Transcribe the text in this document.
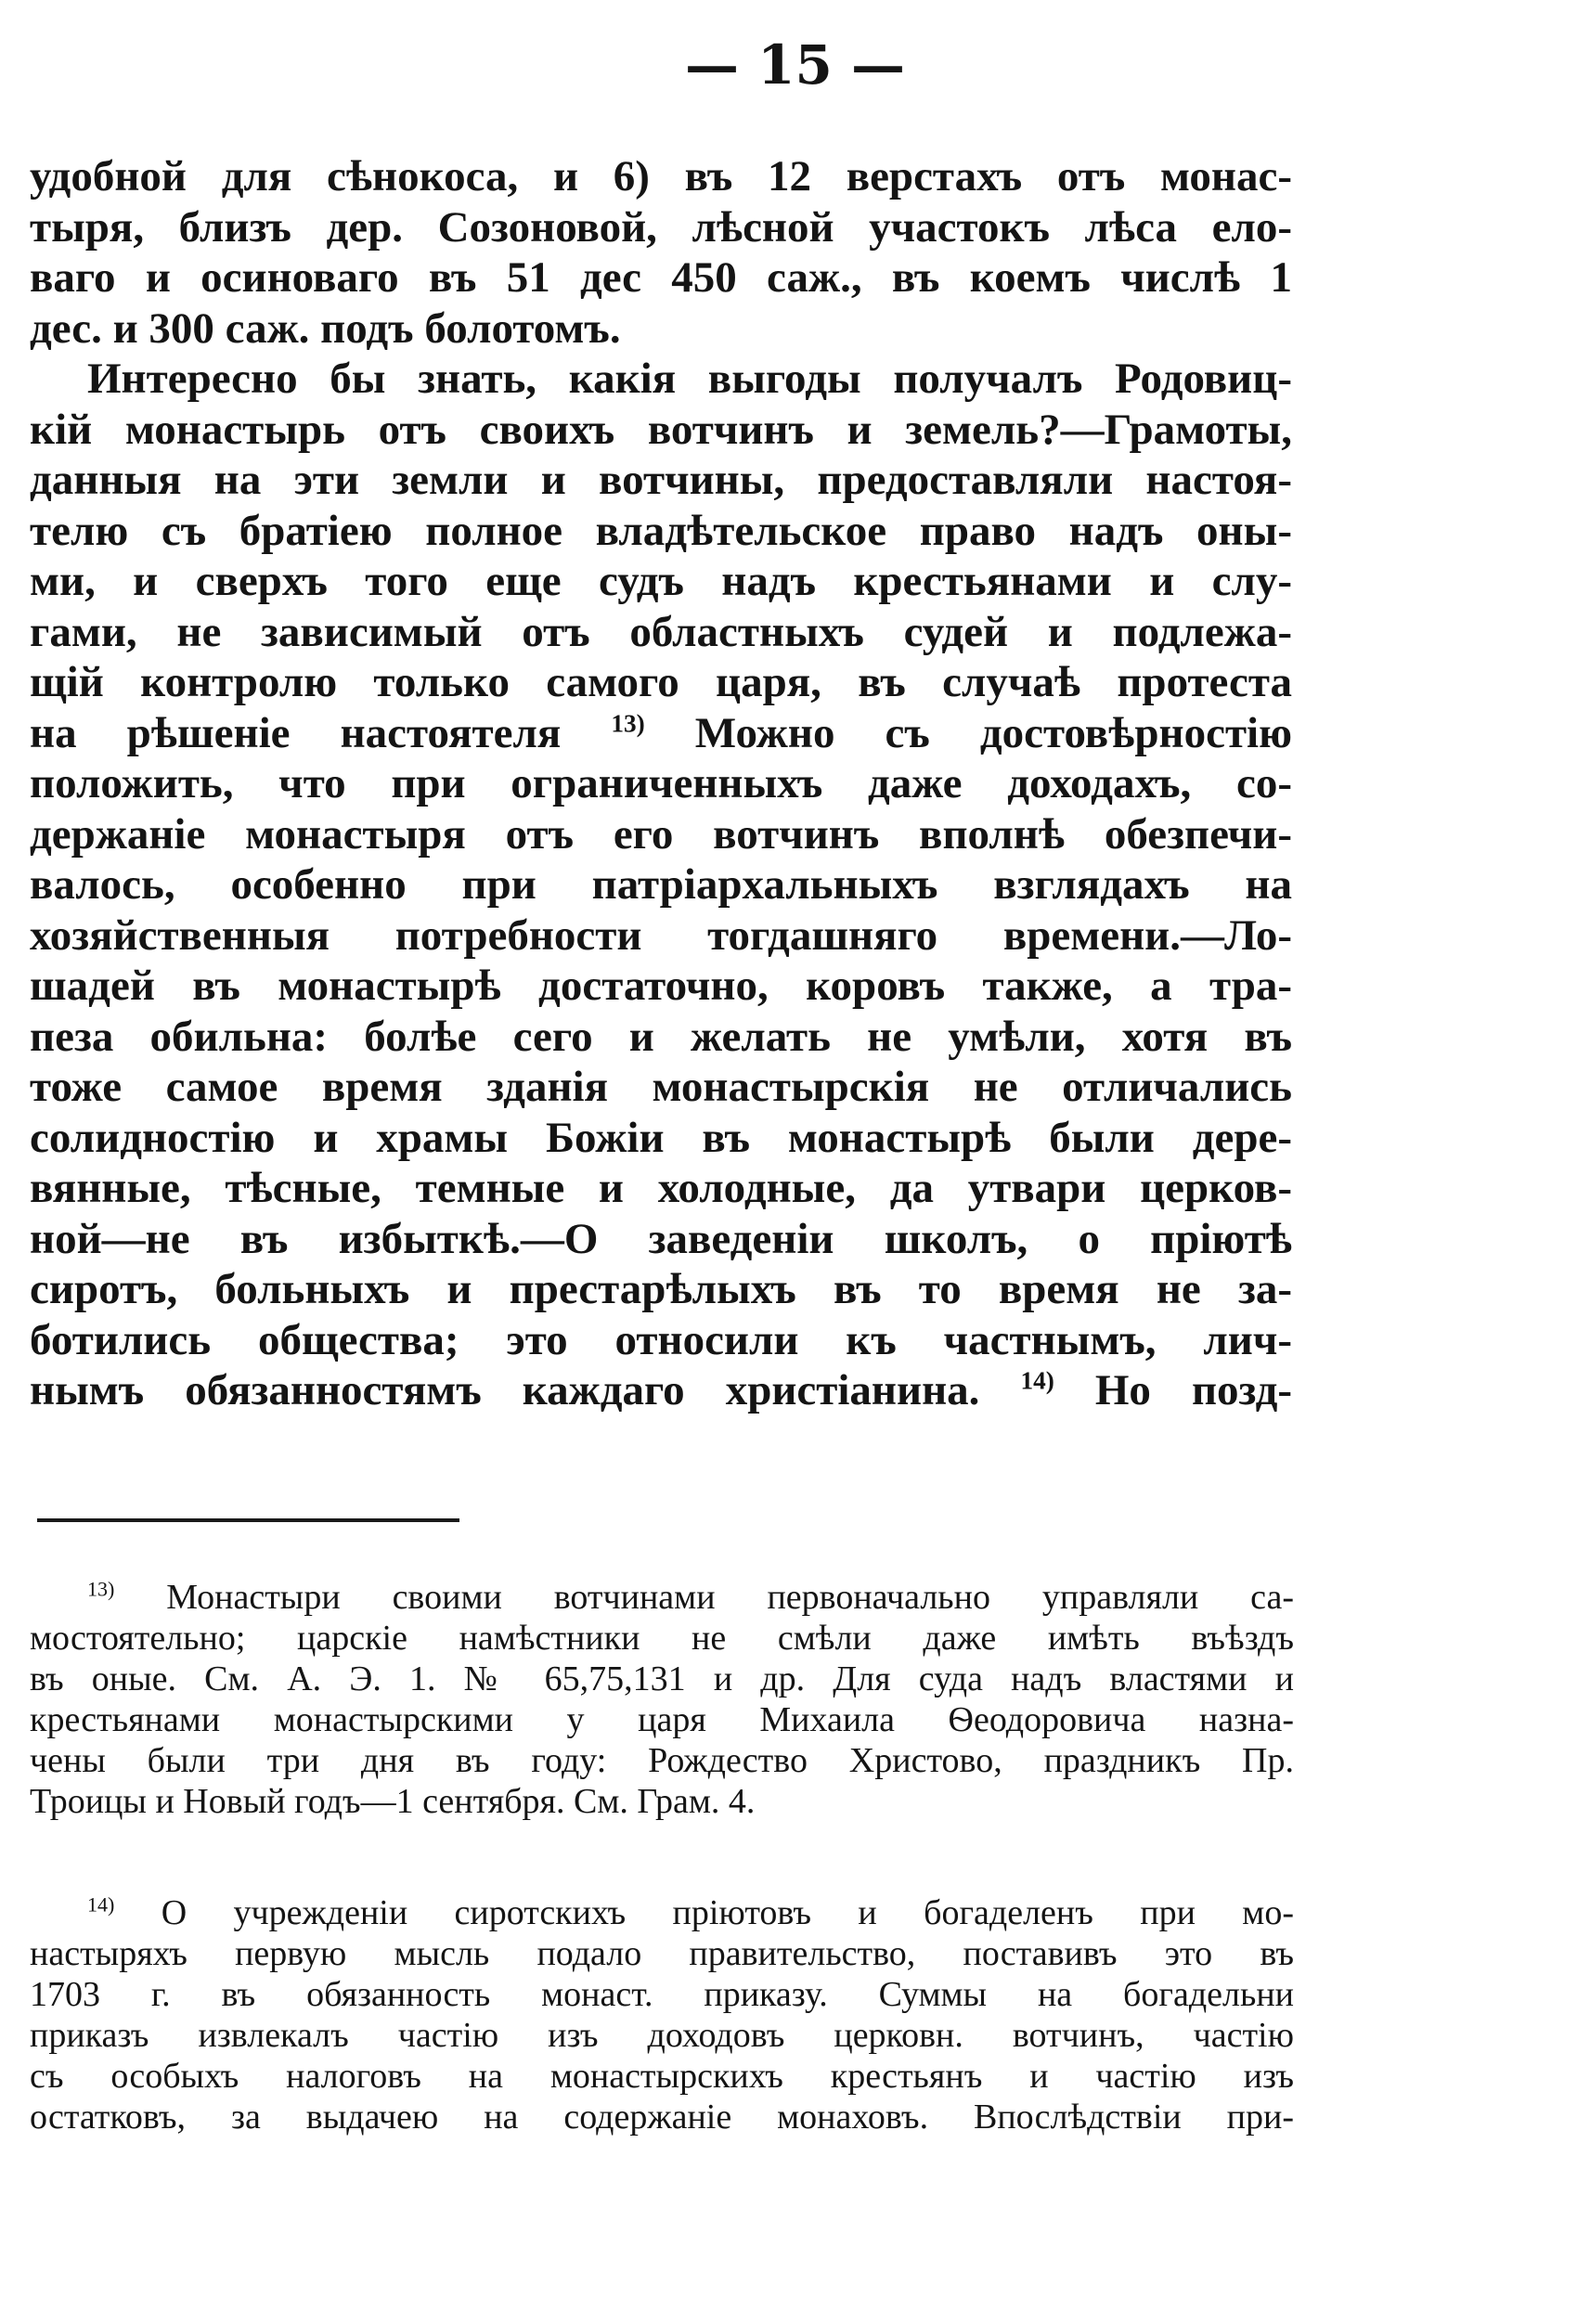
— 15 —
удобной для сѣнокоса, и 6) въ 12 верстахъ отъ монас-
тыря, близъ дер. Созоновой, лѣсной участокъ лѣса ело-
ваго и осиноваго въ 51 дес 450 саж., въ коемъ числѣ 1
дес. и 300 саж. подъ болотомъ.
Интересно бы знать, какія выгоды получалъ Родовиц-
кій монастырь отъ своихъ вотчинъ и земель?—Грамоты,
данныя на эти земли и вотчины, предоставляли настоя-
телю съ братіею полное владѣтельское право надъ оны-
ми, и сверхъ того еще судъ надъ крестьянами и слу-
гами, не зависимый отъ областныхъ судей и подлежа-
щій контролю только самого царя, въ случаѣ протеста
на рѣшеніе настоятеля $^{13)}$ Можно съ достовѣрностію
положить, что при ограниченныхъ даже доходахъ, со-
держаніе монастыря отъ его вотчинъ вполнѣ обезпечи-
валось, особенно при патріархальныхъ взглядахъ на
хозяйственныя потребности тогдашняго времени.—Ло-
шадей въ монастырѣ достаточно, коровъ также, а тра-
пеза обильна: болѣе сего и желать не умѣли, хотя въ
тоже самое время зданія монастырскія не отличались
солидностію и храмы Божіи въ монастырѣ были дере-
вянные, тѣсные, темные и холодные, да утвари церков-
ной—не въ избыткѣ.—О заведеніи школъ, о пріютѣ
сиротъ, больныхъ и престарѣлыхъ въ то время не за-
ботились общества; это относили къ частнымъ, лич-
нымъ обязанностямъ каждаго христіанина. $^{14)}$ Но позд-
$^{13)}$ Монастыри своими вотчинами первоначально управляли са-
мостоятельно; царскіе намѣстники не смѣли даже имѣть въѣздъ
въ оные. См. А. Э. 1. № 65,75,131 и др. Для суда надъ властями и
крестьянами монастырскими у царя Михаила Ѳеодоровича назна-
чены были три дня въ году: Рождество Христово, праздникъ Пр.
Троицы и Новый годъ—1 сентября. См. Грам. 4.
$^{14)}$ О учрежденіи сиротскихъ пріютовъ и богаделенъ при мо-
настыряхъ первую мысль подало правительство, поставивъ это въ
1703 г. въ обязанность монаст. приказу. Суммы на богадельни
приказъ извлекалъ частію изъ доходовъ церковн. вотчинъ, частію
съ особыхъ налоговъ на монастырскихъ крестьянъ и частію изъ
остатковъ, за выдачею на содержаніе монаховъ. Впослѣдствіи при-
